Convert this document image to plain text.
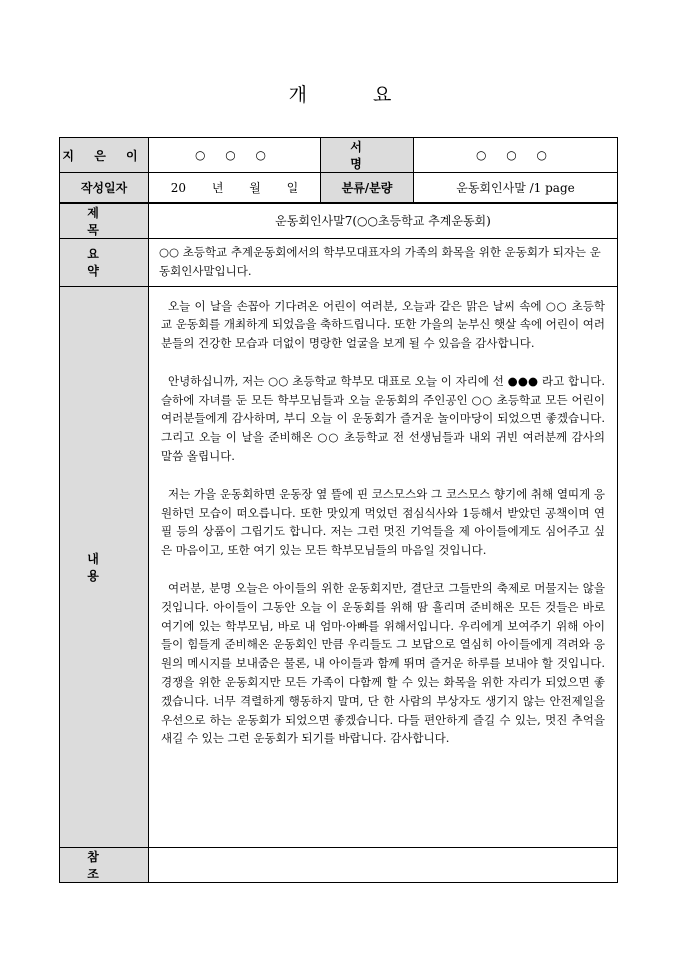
개 요
지 은 이	○ ○ ○	서 명	○ ○ ○
작성일자	20 년 월 일	분류/분량	운동회인사말 /1 page
제 목	운동회인사말7(○○초등학교 추계운동회)		
요 약	○○ 초등학교 추계운동회에서의 학부모대표자의 가족의 화목을 위한 운동회가 되자는 운동회인사말입니다.		
내 용	오늘 이 날을 손꼽아 기다려온 어린이 여러분, 오늘과 같은 맑은 날씨 속에 ○○ 초등학교 운동회를 개최하게 되었음을 축하드립니다. 또한 가을의 눈부신 햇살 속에 어린이 여러분들의 건강한 모습과 더없이 명랑한 얼굴을 보게 될 수 있음을 감사합니다.

안녕하십니까, 저는 ○○ 초등학교 학부모 대표로 오늘 이 자리에 선 ●●● 라고 합니다. 슬하에 자녀를 둔 모든 학부모님들과 오늘 운동회의 주인공인 ○○ 초등학교 모든 어린이 여러분들에게 감사하며, 부디 오늘 이 운동회가 즐거운 놀이마당이 되었으면 좋겠습니다. 그리고 오늘 이 날을 준비해온 ○○ 초등학교 전 선생님들과 내외 귀빈 여러분께 감사의 말씀 올립니다.

저는 가을 운동회하면 운동장 옆 뜰에 핀 코스모스와 그 코스모스 향기에 취해 열띠게 응원하던 모습이 떠오릅니다. 또한 맛있게 먹었던 점심식사와 1등해서 받았던 공책이며 연필 등의 상품이 그립기도 합니다. 저는 그런 멋진 기억들을 제 아이들에게도 심어주고 싶은 마음이고, 또한 여기 있는 모든 학부모님들의 마음일 것입니다.

여러분, 분명 오늘은 아이들의 위한 운동회지만, 결단코 그들만의 축제로 머물지는 않을 것입니다. 아이들이 그동안 오늘 이 운동회를 위해 땀 흘리며 준비해온 모든 것들은 바로 여기에 있는 학부모님, 바로 내 엄마·아빠를 위해서입니다. 우리에게 보여주기 위해 아이들이 힘들게 준비해온 운동회인 만큼 우리들도 그 보답으로 열심히 아이들에게 격려와 응원의 메시지를 보내줌은 물론, 내 아이들과 함께 뛰며 즐거운 하루를 보내야 할 것입니다. 경쟁을 위한 운동회지만 모든 가족이 다함께 할 수 있는 화목을 위한 자리가 되었으면 좋겠습니다. 너무 격렬하게 행동하지 말며, 단 한 사람의 부상자도 생기지 않는 안전제일을 우선으로 하는 운동회가 되었으면 좋겠습니다. 다들 편안하게 즐길 수 있는, 멋진 추억을 새길 수 있는 그런 운동회가 되기를 바랍니다. 감사합니다.		

참 조			
